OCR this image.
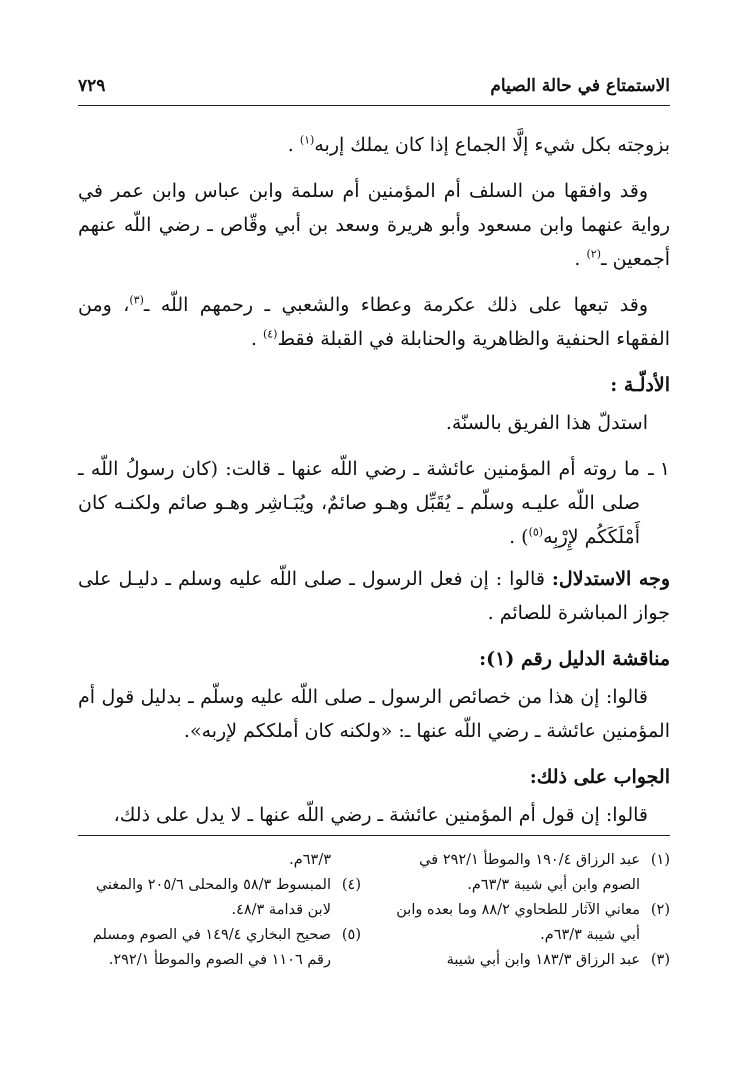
الاستمتاع في حالة الصيام
٧٢٩

بزوجته بكل شيء إلَّا الجماع إذا كان يملك إربه$^{(١)}$ .

وقد وافقها من السلف أم المؤمنين أم سلمة وابن عباس وابن عمر في رواية عنهما وابن مسعود وأبو هريرة وسعد بن أبي وقّاص ـ رضي اللّه عنهم أجمعين ـ$^{(٢)}$ .

وقد تبعها على ذلك عكرمة وعطاء والشعبي ـ رحمهم اللّه ـ$^{(٣)}$، ومن الفقهاء الحنفية والظاهرية والحنابلة في القبلة فقط$^{(٤)}$ .

الأدلّـة :

استدلّ هذا الفريق بالسنّة.

١ ـ
ما روته أم المؤمنين عائشة ـ رضي اللّه عنها ـ قالت: (كان رسولُ اللّه ـ صلى اللّه عليـه وسلّم ـ يُقَبِّل وهـو صائمٌ، ويُبَـاشِر وهـو صائم ولكنـه كان أَمْلَكَكُم لإِرْبِه$^{(٥)}$) .

وجه الاستدلال: قالوا : إن فعل الرسول ـ صلى اللّه عليه وسلم ـ دليـل على جواز المباشرة للصائم .

مناقشة الدليل رقم (١):

قالوا: إن هذا من خصائص الرسول ـ صلى اللّه عليه وسلّم ـ بدليل قول أم المؤمنين عائشة ـ رضي اللّه عنها ـ: «ولكنه كان أملككم لإربه».

الجواب على ذلك:

قالوا: إن قول أم المؤمنين عائشة ـ رضي اللّه عنها ـ لا يدل على ذلك،

(١)
عبد الرزاق ١٩٠/٤ والموطأ ٢٩٢/١ في الصوم وابن أبي شيبة ٦٣/٣م.
(٢)
معاني الآثار للطحاوي ٨٨/٢ وما بعده وابن أبي شيبة ٦٣/٣م.
(٣)
عبد الرزاق ١٨٣/٣ وابن أبي شيبة
٦٣/٣م.
(٤)
المبسوط ٥٨/٣ والمحلى ٢٠٥/٦ والمغني لابن قدامة ٤٨/٣.
(٥)
صحيح البخاري ١٤٩/٤ في الصوم ومسلم رقم ١١٠٦ في الصوم والموطأ ٢٩٢/١.
